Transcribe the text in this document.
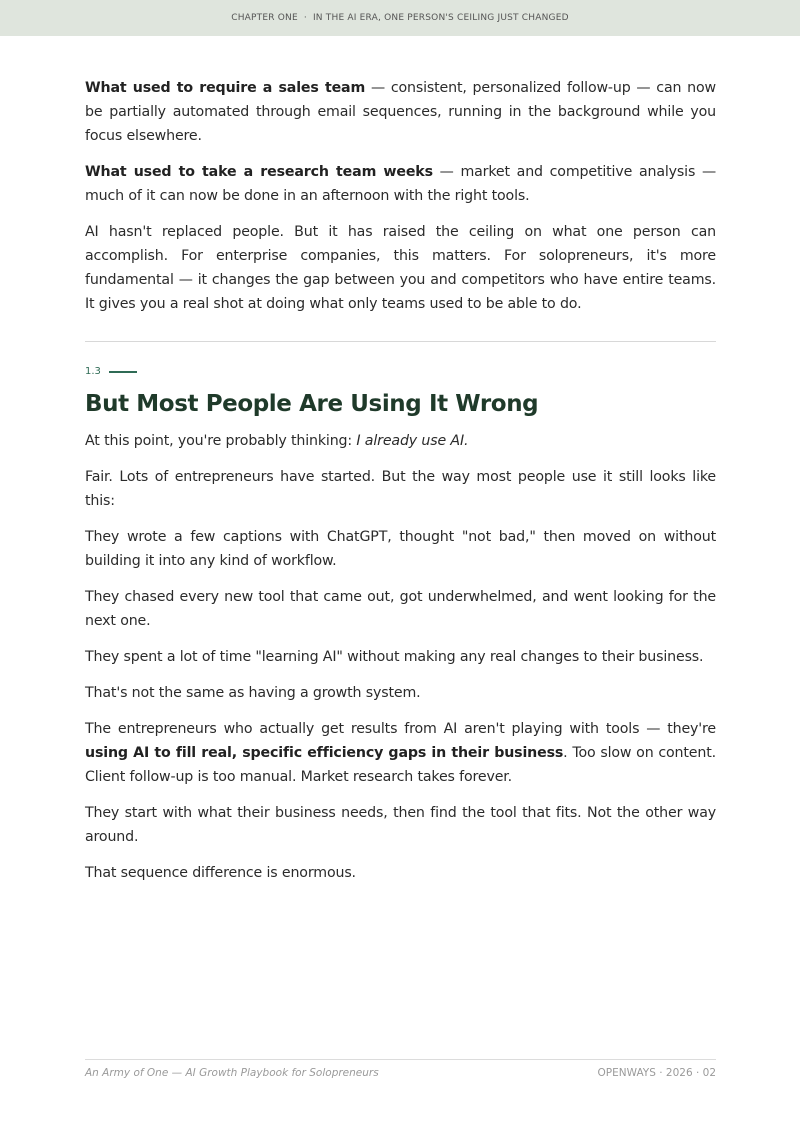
CHAPTER ONE · IN THE AI ERA, ONE PERSON'S CEILING JUST CHANGED

What used to require a sales team — consistent, personalized follow-up — can now be partially automated through email sequences, running in the background while you focus elsewhere.

What used to take a research team weeks — market and competitive analysis — much of it can now be done in an afternoon with the right tools.

AI hasn't replaced people. But it has raised the ceiling on what one person can accomplish. For enterprise companies, this matters. For solopreneurs, it's more fundamental — it changes the gap between you and competitors who have entire teams. It gives you a real shot at doing what only teams used to be able to do.

1.3
But Most People Are Using It Wrong

At this point, you're probably thinking: I already use AI.

Fair. Lots of entrepreneurs have started. But the way most people use it still looks like this:

They wrote a few captions with ChatGPT, thought "not bad," then moved on without building it into any kind of workflow.

They chased every new tool that came out, got underwhelmed, and went looking for the next one.

They spent a lot of time "learning AI" without making any real changes to their business.

That's not the same as having a growth system.

The entrepreneurs who actually get results from AI aren't playing with tools — they're using AI to fill real, specific efficiency gaps in their business. Too slow on content. Client follow-up is too manual. Market research takes forever.

They start with what their business needs, then find the tool that fits. Not the other way around.

That sequence difference is enormous.

An Army of One — AI Growth Playbook for Solopreneurs	OPENWAYS · 2026 · 02
